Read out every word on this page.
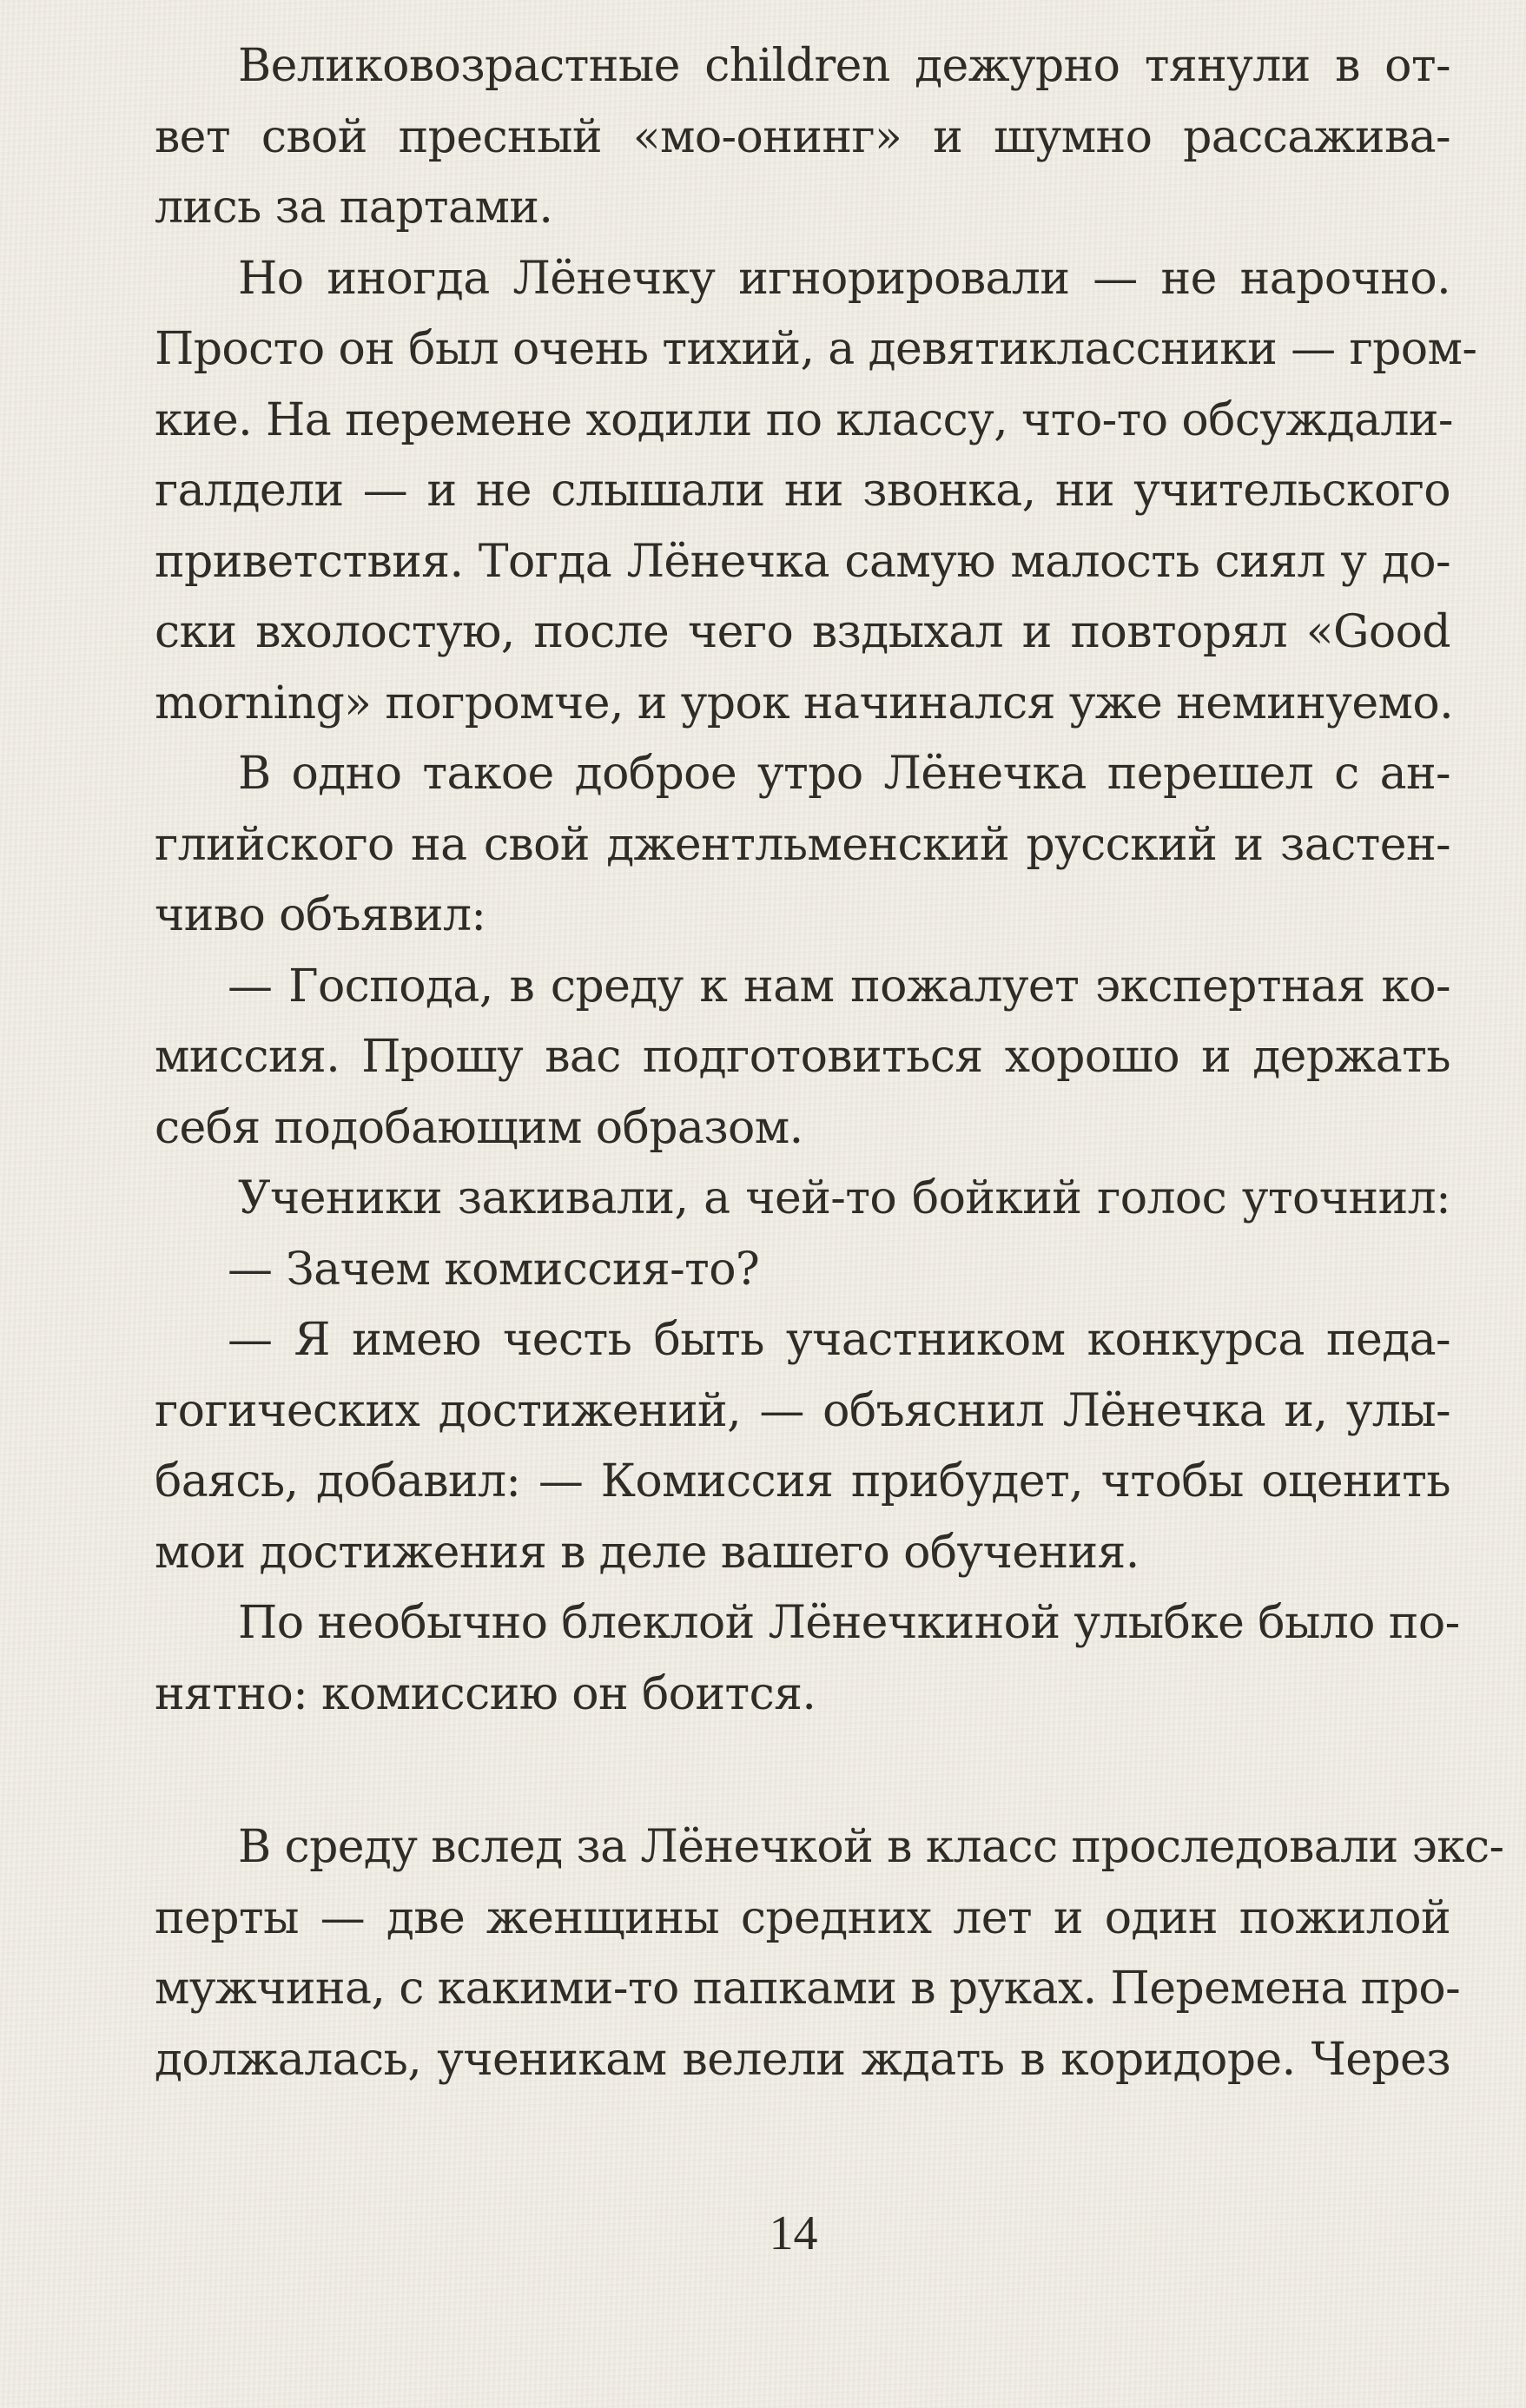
Великовозрастные children дежурно тянули в от-
вет свой пресный «мо-онинг» и шумно рассажива-
лись за партами.
Но иногда Лёнечку игнорировали — не нарочно.
Просто он был очень тихий, а девятиклассники — гром-
кие. На перемене ходили по классу, что-то обсуждали-
галдели — и не слышали ни звонка, ни учительского
приветствия. Тогда Лёнечка самую малость сиял у до-
ски вхолостую, после чего вздыхал и повторял «Good
morning» погромче, и урок начинался уже неминуемо.
В одно такое доброе утро Лёнечка перешел с ан-
глийского на свой джентльменский русский и застен-
чиво объявил:
— Господа, в среду к нам пожалует экспертная ко-
миссия. Прошу вас подготовиться хорошо и держать
себя подобающим образом.
Ученики закивали, а чей-то бойкий голос уточнил:
— Зачем комиссия-то?
— Я имею честь быть участником конкурса педа-
гогических достижений, — объяснил Лёнечка и, улы-
баясь, добавил: — Комиссия прибудет, чтобы оценить
мои достижения в деле вашего обучения.
По необычно блеклой Лёнечкиной улыбке было по-
нятно: комиссию он боится.
В среду вслед за Лёнечкой в класс проследовали экс-
перты — две женщины средних лет и один пожилой
мужчина, с какими-то папками в руках. Перемена про-
должалась, ученикам велели ждать в коридоре. Через
14
